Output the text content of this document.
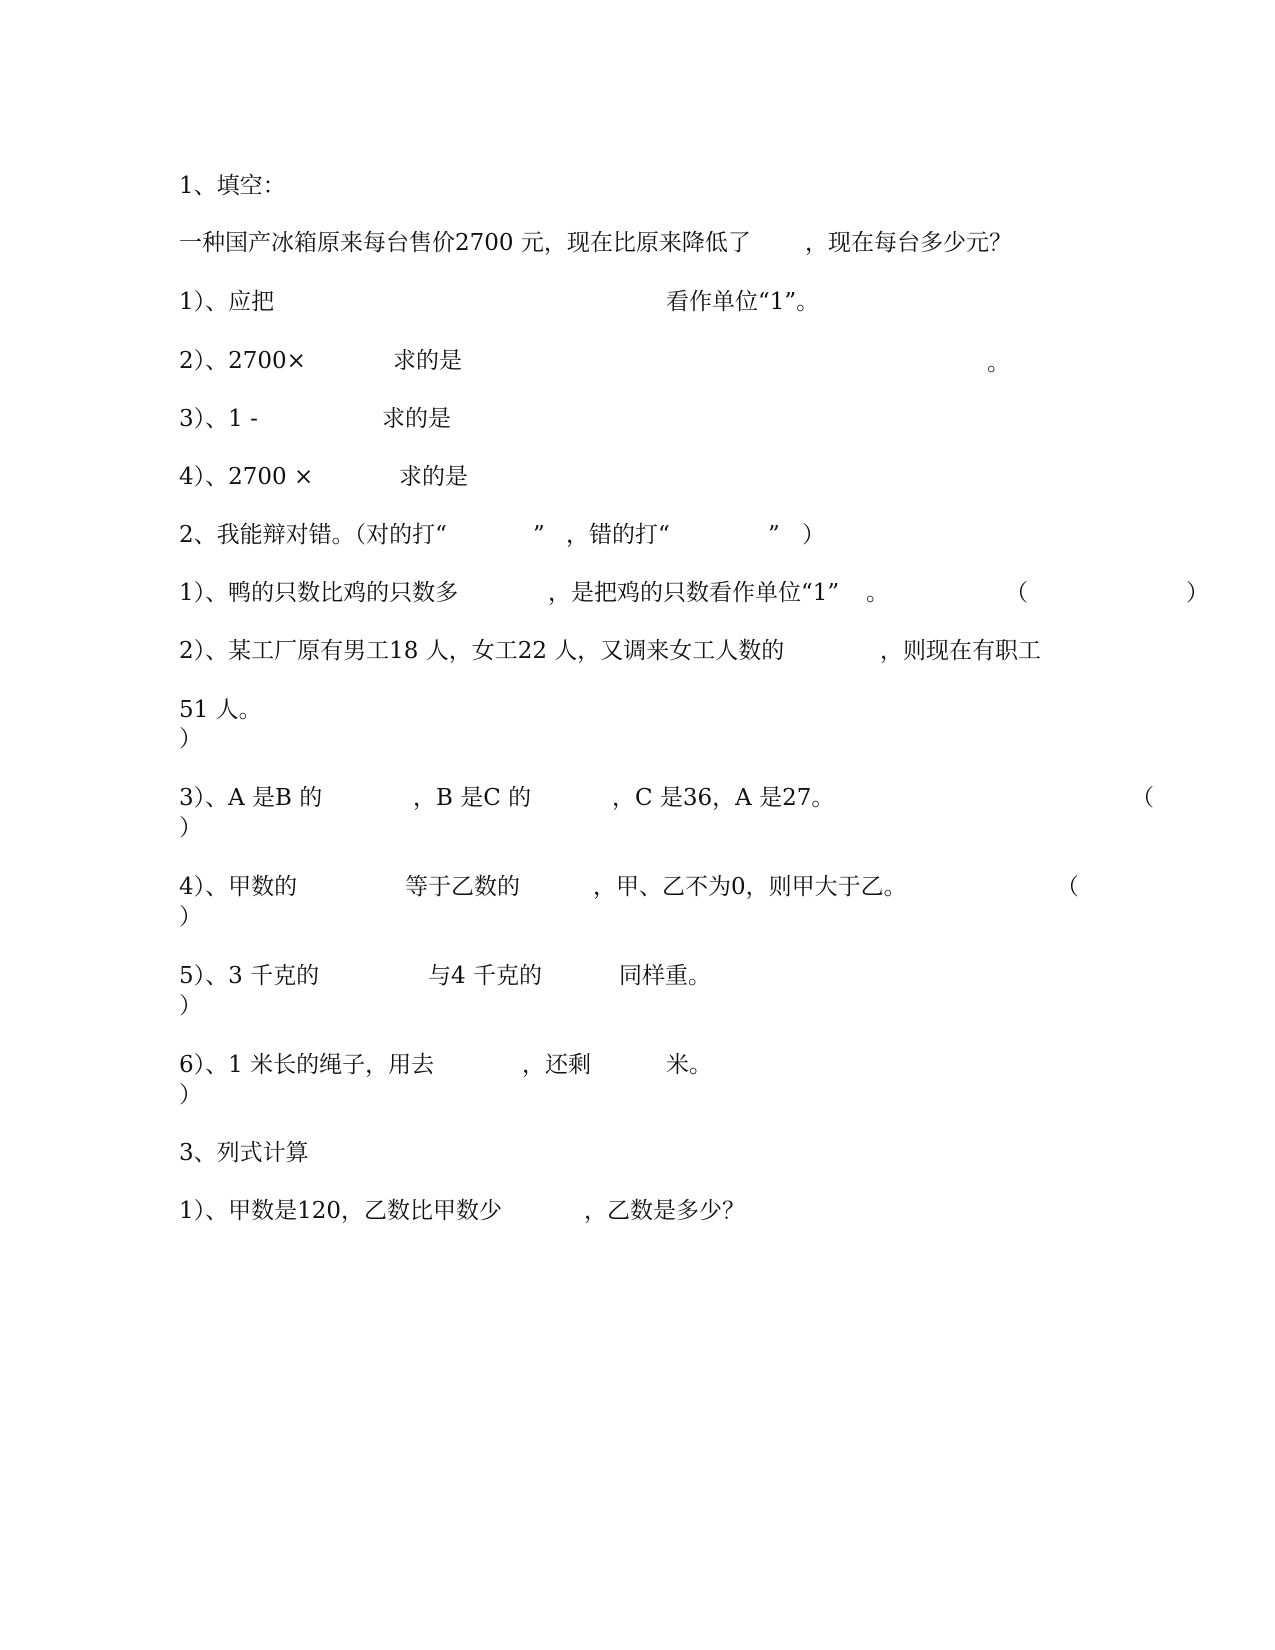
1、填空：
一种国产冰箱原来每台售价2700 元，现在比原来降低了 ，现在每台多少元？
1）、应把	看作单位“1”。
2）、2700×	求的是	。
3）、1 -	求的是
4）、2700 ×	求的是
2、我能辩对错。（对的打“	” ，错的打“	” ）
1）、鸭的只数比鸡的只数多	，是把鸡的只数看作单位“1” 。	（	）
2）、某工厂原有男工18 人，女工22 人，又调来女工人数的	，则现在有职工
51 人。
）
3）、A 是B 的	，B 是C 的	，C 是36，A 是27。	（
）
4）、甲数的	等于乙数的	，甲、乙不为0，则甲大于乙。	（
）
5）、3 千克的	与4 千克的	同样重。
）
6）、1 米长的绳子，用去	，还剩	米。
）
3、列式计算
1）、甲数是120，乙数比甲数少	，乙数是多少？
